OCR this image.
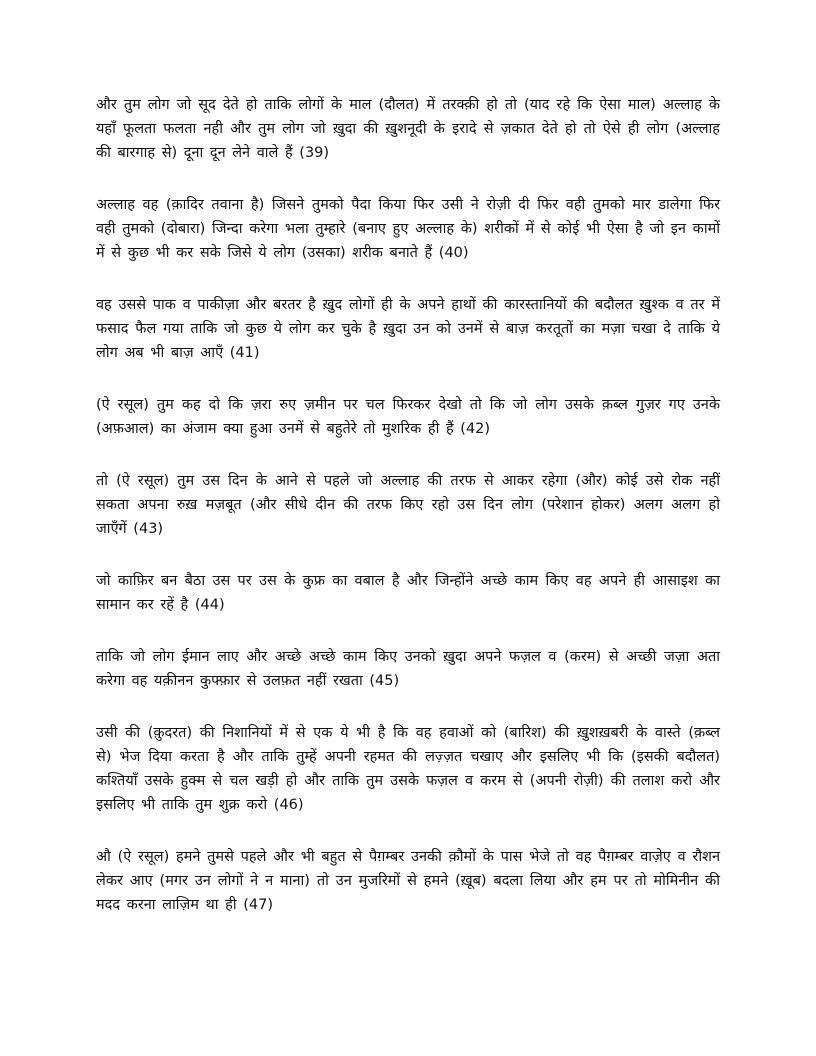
और तुम लोग जो सूद देते हो ताकि लोगों के माल (दौलत) में तरक्क़ी हो तो (याद रहे कि ऐसा माल) अल्लाह के यहाँ फूलता फलता नही और तुम लोग जो ख़ुदा की ख़ुशनूदी के इरादे से ज़कात देते हो तो ऐसे ही लोग (अल्लाह की बारगाह से) दूना दून लेने वाले हैं (39)

अल्लाह वह (क़ादिर तवाना है) जिसने तुमको पैदा किया फिर उसी ने रोज़ी दी फिर वही तुमको मार डालेगा फिर वही तुमको (दोबारा) जिन्दा करेगा भला तुम्हारे (बनाए हुए अल्लाह के) शरीकों में से कोई भी ऐसा है जो इन कामों में से कुछ भी कर सके जिसे ये लोग (उसका) शरीक बनाते हैं (40)

वह उससे पाक व पाकीज़ा और बरतर है ख़ुद लोगों ही के अपने हाथों की कारस्तानियों की बदौलत ख़ुश्क व तर में फसाद फैल गया ताकि जो कुछ ये लोग कर चुके है ख़ुदा उन को उनमें से बाज़ करतूतों का मज़ा चखा दे ताकि ये लोग अब भी बाज़ आएँ (41)

(ऐ रसूल) तुम कह दो कि ज़रा रुए ज़मीन पर चल फिरकर देखो तो कि जो लोग उसके क़ब्ल गुज़र गए उनके (अफ़आल) का अंजाम क्या हुआ उनमें से बहुतेरे तो मुशरिक ही हैं (42)

तो (ऐ रसूल) तुम उस दिन के आने से पहले जो अल्लाह की तरफ से आकर रहेगा (और) कोई उसे रोक नहीं सकता अपना रुख़ मज़बूत (और सीधे दीन की तरफ किए रहो उस दिन लोग (परेशान होकर) अलग अलग हो जाएँगें (43)

जो काफ़िर बन बैठा उस पर उस के कुफ्र का वबाल है और जिन्होंने अच्छे काम किए वह अपने ही आसाइश का सामान कर रहें है (44)

ताकि जो लोग ईमान लाए और अच्छे अच्छे काम किए उनको ख़ुदा अपने फज़ल व (करम) से अच्छी जज़ा अता करेगा वह यक़ीनन कुफ्फ़ार से उलफ़त नहीं रखता (45)

उसी की (क़ुदरत) की निशानियों में से एक ये भी है कि वह हवाओं को (बारिश) की ख़ुशख़बरी के वास्ते (क़ब्ल से) भेज दिया करता है और ताकि तुम्हें अपनी रहमत की लज़्ज़त चखाए और इसलिए भी कि (इसकी बदौलत) कश्तियाँ उसके हुक्म से चल खड़ी हो और ताकि तुम उसके फज़ल व करम से (अपनी रोज़ी) की तलाश करो और इसलिए भी ताकि तुम शुक्र करो (46)

औ (ऐ रसूल) हमने तुमसे पहले और भी बहुत से पैग़म्बर उनकी क़ौमों के पास भेजे तो वह पैग़म्बर वाज़ेए व रौशन लेकर आए (मगर उन लोगों ने न माना) तो उन मुजरिमों से हमने (ख़ूब) बदला लिया और हम पर तो मोमिनीन की मदद करना लाज़िम था ही (47)
